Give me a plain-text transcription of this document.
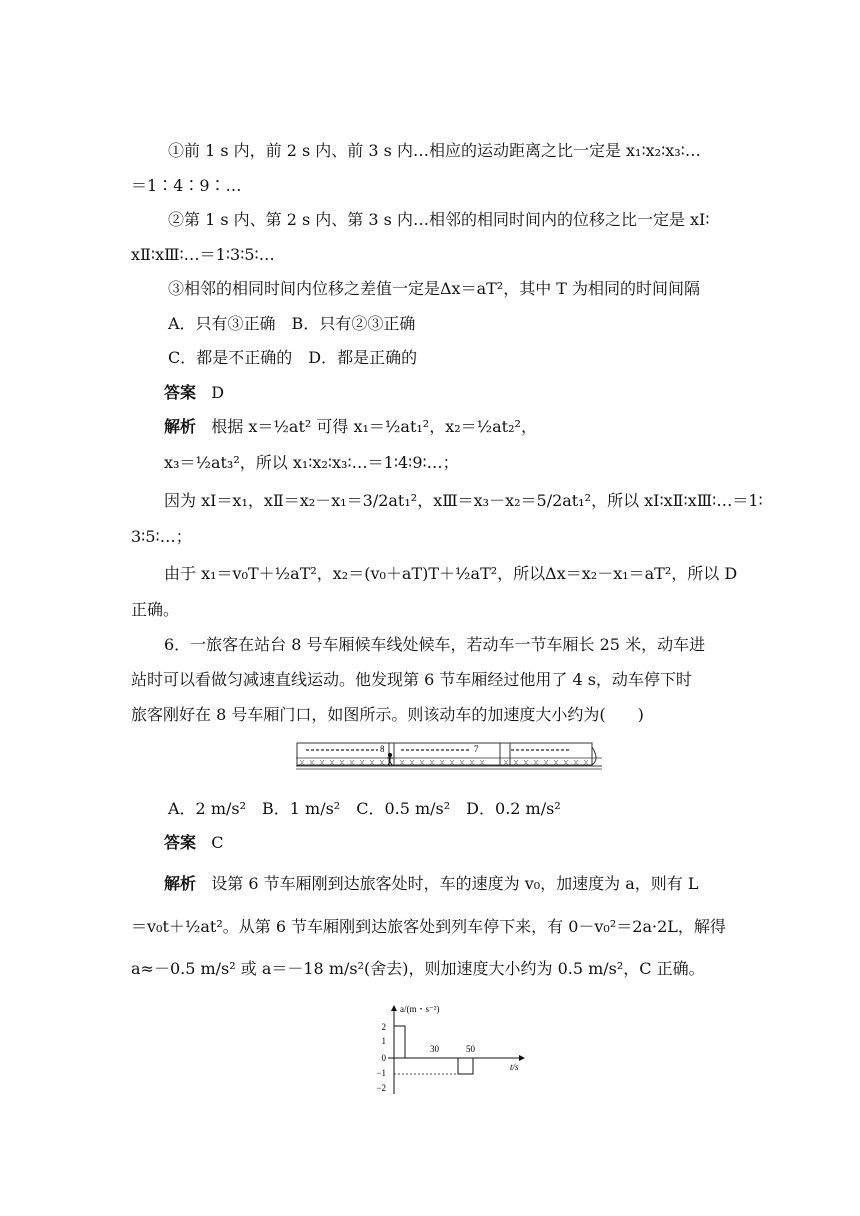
①前 1 s 内，前 2 s 内、前 3 s 内…相应的运动距离之比一定是 x₁∶x₂∶x₃∶…
＝1∶4∶9∶…
②第 1 s 内、第 2 s 内、第 3 s 内…相邻的相同时间内的位移之比一定是 xⅠ∶
xⅡ∶xⅢ∶…＝1∶3∶5∶…
③相邻的相同时间内位移之差值一定是Δx＝aT²，其中 T 为相同的时间间隔
A．只有③正确　B．只有②③正确
C．都是不正确的　D．都是正确的
答案 D
解析 根据 x＝½at² 可得 x₁＝½at₁²，x₂＝½at₂²，
x₃＝½at₃²，所以 x₁∶x₂∶x₃∶…＝1∶4∶9∶…；
因为 xⅠ＝x₁，xⅡ＝x₂－x₁＝3/2at₁²，xⅢ＝x₃－x₂＝5/2at₁²，所以 xⅠ∶xⅡ∶xⅢ∶…＝1∶
3∶5∶…；
由于 x₁＝v₀T＋½aT²，x₂＝(v₀＋aT)T＋½aT²，所以Δx＝x₂－x₁＝aT²，所以 D
正确。
6．一旅客在站台 8 号车厢候车线处候车，若动车一节车厢长 25 米，动车进
站时可以看做匀减速直线运动。他发现第 6 节车厢经过他用了 4 s，动车停下时
旅客刚好在 8 号车厢门口，如图所示。则该动车的加速度大小约为(　　)
8	7
A．2 m/s²　B．1 m/s²　C．0.5 m/s²　D．0.2 m/s²
答案 C
解析 设第 6 节车厢刚到达旅客处时，车的速度为 v₀，加速度为 a，则有 L
＝v₀t＋½at²。从第 6 节车厢刚到达旅客处到列车停下来，有 0－v₀²＝2a·2L，解得
a≈－0.5 m/s² 或 a＝－18 m/s²(舍去)，则加速度大小约为 0.5 m/s²，C 正确。
a/(m・s⁻²)
t/s
2
1
0
−1
−2
30	50
